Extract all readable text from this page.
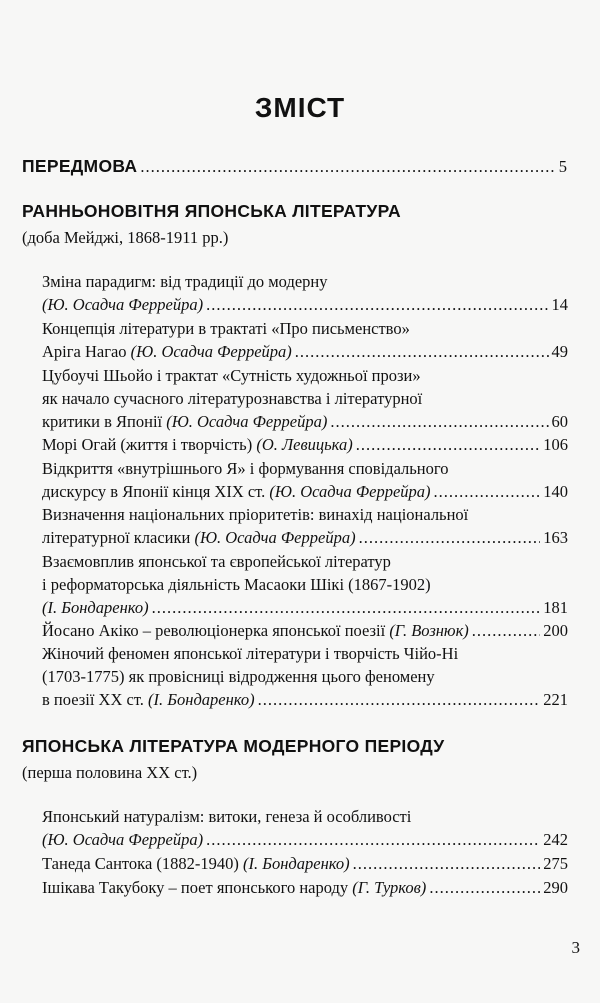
ЗМІСТ
ПЕРЕДМОВА .....	5
РАННЬОНОВІТНЯ ЯПОНСЬКА ЛІТЕРАТУРА
(доба Мейджі, 1868-1911 рр.)
Зміна парадигм: від традиції до модерну
(Ю. Осадча Феррейра) .....	14
Концепція літератури в трактаті «Про письменство»
Аріга Нагао
(Ю. Осадча Феррейра) .....	49
Цубоучі Шьойо і трактат «Сутність художньої прози»
як начало сучасного літературознавства і літературної
критики в Японії
(Ю. Осадча Феррейра) .....	60
Морі Огай (життя і творчість)
(О. Левицька) .....	106
Відкриття «внутрішнього Я» і формування сповідального
дискурсу в Японії кінця ХІХ ст.
(Ю. Осадча Феррейра) .....	140
Визначення національних пріоритетів: винахід національної
літературної класики
(Ю. Осадча Феррейра) .....	163
Взаємовплив японської та європейської літератур
і реформаторська діяльність Масаоки Шікі (1867-1902)
(І. Бондаренко) .....	181
Йосано Акіко – революціонерка японської поезії
(Г. Вознюк) .....	200
Жіночий феномен японської літератури і творчість Чійо-Ні
(1703-1775) як провісниці відродження цього феномену
в поезії ХХ ст.
(І. Бондаренко) .....	221
ЯПОНСЬКА ЛІТЕРАТУРА МОДЕРНОГО ПЕРІОДУ
(перша половина ХХ ст.)
Японський натуралізм: витоки, генеза й особливості
(Ю. Осадча Феррейра) .....	242
Танеда Сантока (1882-1940)
(І. Бондаренко) .....	275
Ішікава Такубоку – поет японського народу
(Г. Турков) .....	290
3
